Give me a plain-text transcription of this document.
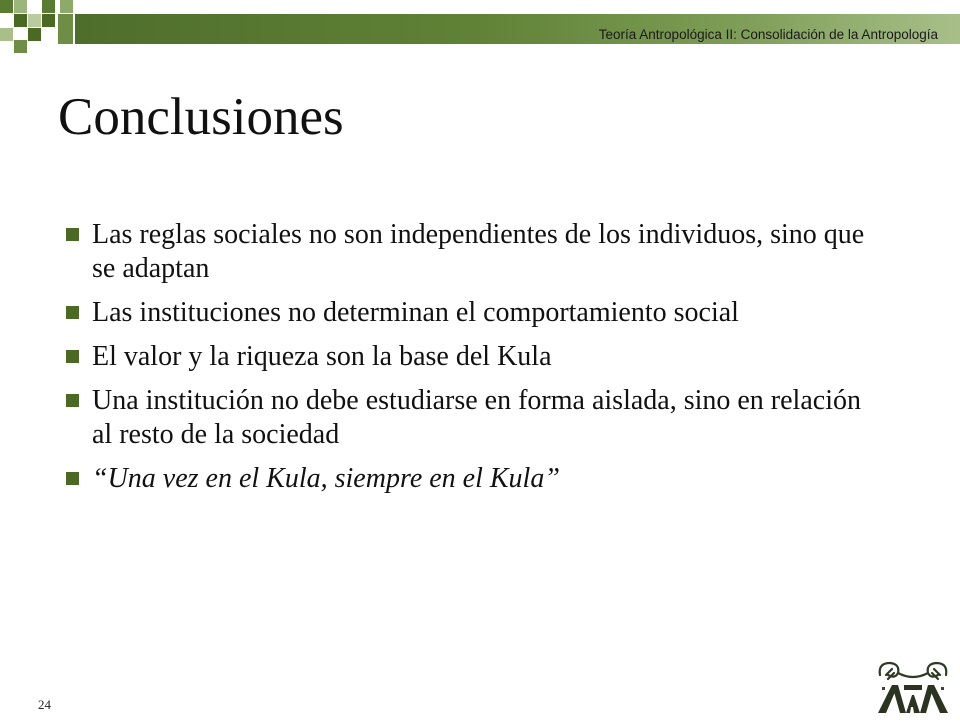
Teoría Antropológica II: Consolidación de la Antropología
Conclusiones
Las reglas sociales no son independientes de los individuos, sino que se adaptan
Las instituciones no determinan el comportamiento social
El valor y la riqueza son la base del Kula
Una institución no debe estudiarse en forma aislada, sino en relación al resto de la sociedad
“Una vez en el Kula, siempre en el Kula”
24
